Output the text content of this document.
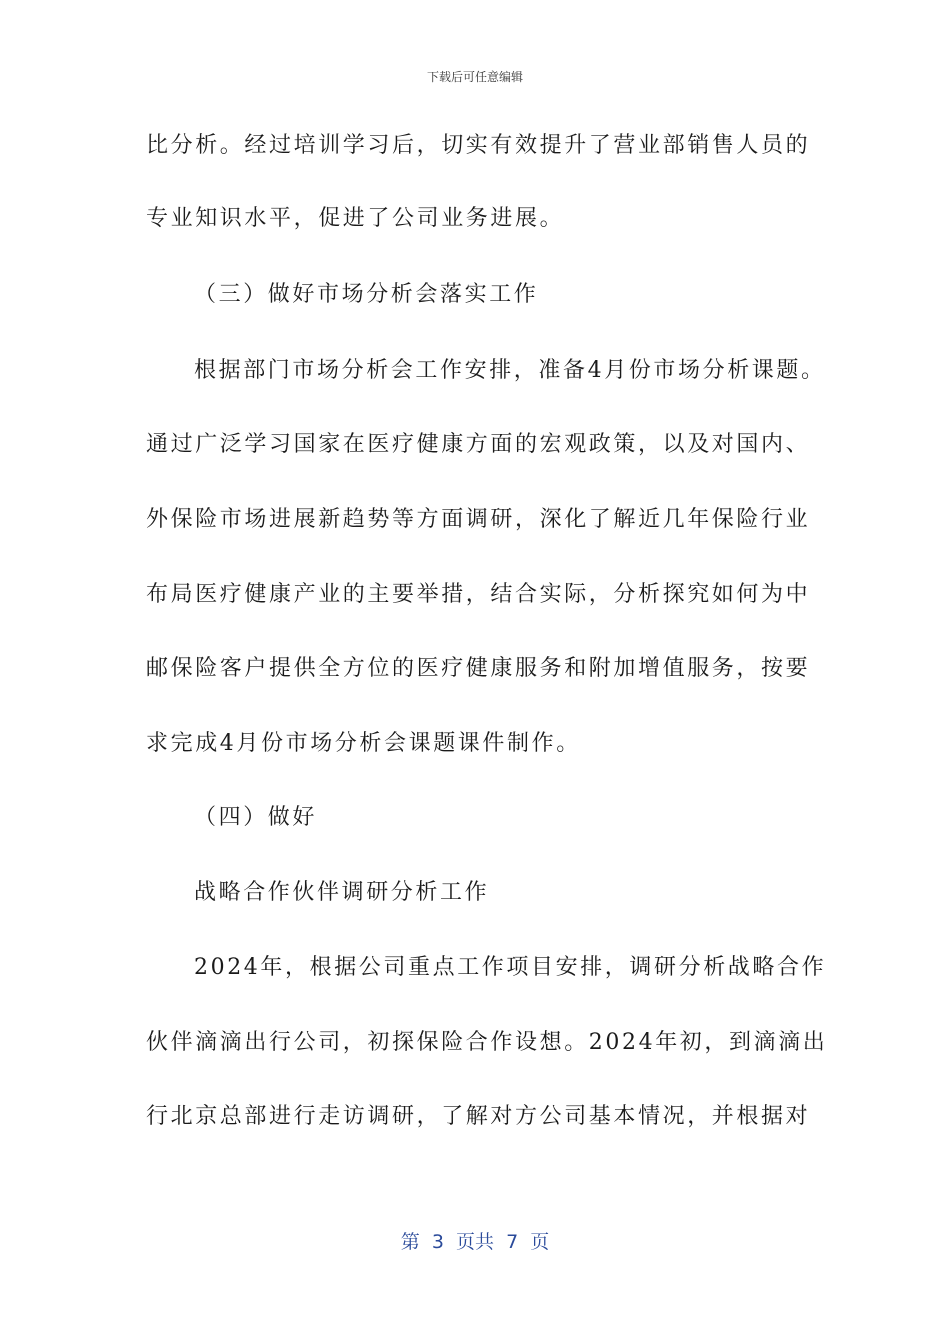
下载后可任意编辑
比分析。经过培训学习后，切实有效提升了营业部销售人员的
专业知识水平，促进了公司业务进展。
（三）做好市场分析会落实工作
根据部门市场分析会工作安排，准备4月份市场分析课题。
通过广泛学习国家在医疗健康方面的宏观政策，以及对国内、
外保险市场进展新趋势等方面调研，深化了解近几年保险行业
布局医疗健康产业的主要举措，结合实际，分析探究如何为中
邮保险客户提供全方位的医疗健康服务和附加增值服务，按要
求完成4月份市场分析会课题课件制作。
（四）做好
战略合作伙伴调研分析工作
2024年，根据公司重点工作项目安排，调研分析战略合作
伙伴滴滴出行公司，初探保险合作设想。2024年初，到滴滴出
行北京总部进行走访调研，了解对方公司基本情况，并根据对
第  3  页共  7  页
